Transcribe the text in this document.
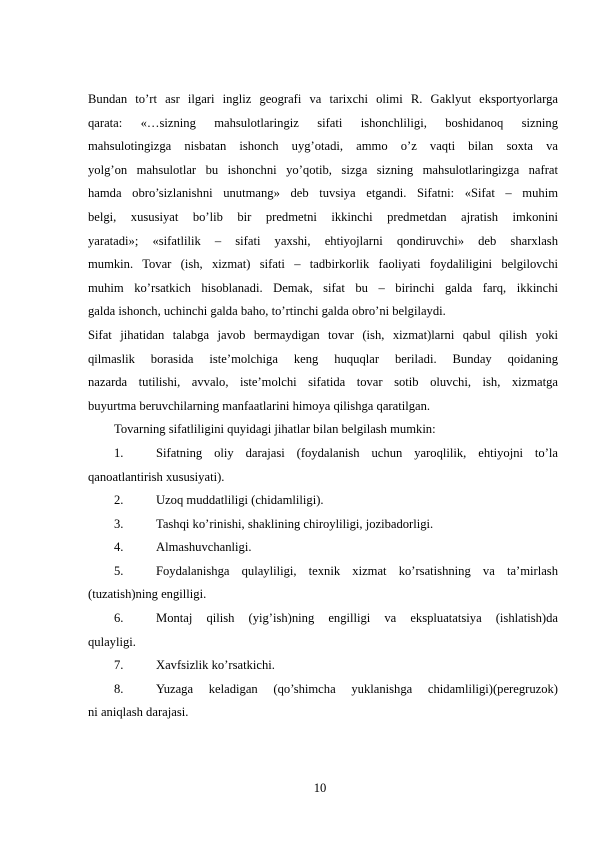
Bundan to’rt asr ilgari ingliz geografi va tarixchi olimi R. Gaklyut eksportyorlarga
qarata: «…sizning mahsulotlaringiz sifati ishonchliligi, boshidanoq sizning
mahsulotingizga nisbatan ishonch uyg’otadi, ammo o’z vaqti bilan soxta va
yolg’on mahsulotlar bu ishonchni yo’qotib, sizga sizning mahsulotlaringizga nafrat
hamda obro’sizlanishni unutmang» deb tuvsiya etgandi. Sifatni: «Sifat – muhim
belgi, xususiyat bo’lib bir predmetni ikkinchi predmetdan ajratish imkonini
yaratadi»; «sifatlilik – sifati yaxshi, ehtiyojlarni qondiruvchi» deb sharxlash
mumkin. Tovar (ish, xizmat) sifati – tadbirkorlik faoliyati foydaliligini belgilovchi
muhim ko’rsatkich hisoblanadi. Demak, sifat bu – birinchi galda farq, ikkinchi
galda ishonch, uchinchi galda baho, to’rtinchi galda obro’ni belgilaydi.
Sifat jihatidan talabga javob bermaydigan tovar (ish, xizmat)larni qabul qilish yoki
qilmaslik borasida iste’molchiga keng huquqlar beriladi. Bunday qoidaning
nazarda tutilishi, avvalo, iste’molchi sifatida tovar sotib oluvchi, ish, xizmatga
buyurtma beruvchilarning manfaatlarini himoya qilishga qaratilgan.
Tovarning sifatliligini quyidagi jihatlar bilan belgilash mumkin:
1.	Sifatning oliy darajasi (foydalanish uchun yaroqlilik, ehtiyojni to’la
qanoatlantirish xususiyati).
2.	Uzoq muddatliligi (chidamliligi).
3.	Tashqi ko’rinishi, shaklining chiroyliligi, jozibadorligi.
4.	Almashuvchanligi.
5.	Foydalanishga qulayliligi, texnik xizmat ko’rsatishning va ta’mirlash
(tuzatish)ning engilligi.
6.	Montaj qilish (yig’ish)ning engilligi va ekspluatatsiya (ishlatish)da
qulayligi.
7.	Xavfsizlik ko’rsatkichi.
8.	Yuzaga keladigan (qo’shimcha yuklanishga chidamliligi)(peregruzok)
ni aniqlash darajasi.
10
